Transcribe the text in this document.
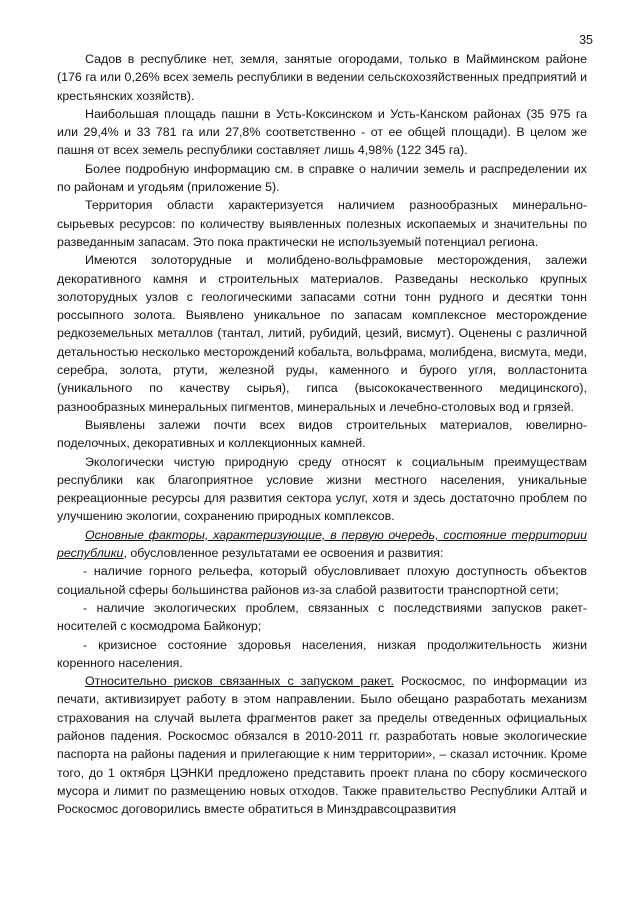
35

Садов в республике нет, земля, занятые огородами, только в Майминском районе (176 га или 0,26% всех земель республики в ведении сельскохозяйственных предприятий и крестьянских хозяйств).

Наибольшая площадь пашни в Усть-Коксинском и Усть-Канском районах (35 975 га или 29,4% и 33 781 га или 27,8% соответственно - от ее общей площади). В целом же пашня от всех земель республики составляет лишь 4,98% (122 345 га).

Более подробную информацию см. в справке о наличии земель и распределении их по районам и угодьям (приложение 5).

Территория области характеризуется наличием разнообразных минерально-сырьевых ресурсов: по количеству выявленных полезных ископаемых и значительны по разведанным запасам. Это пока практически не используемый потенциал региона.

Имеются золоторудные и молибдено-вольфрамовые месторождения, залежи декоративного камня и строительных материалов. Разведаны несколько крупных золоторудных узлов с геологическими запасами сотни тонн рудного и десятки тонн россыпного золота. Выявлено уникальное по запасам комплексное месторождение редкоземельных металлов (тантал, литий, рубидий, цезий, висмут). Оценены с различной детальностью несколько месторождений кобальта, вольфрама, молибдена, висмута, меди, серебра, золота, ртути, железной руды, каменного и бурого угля, волластонита (уникального по качеству сырья), гипса (высококачественного медицинского), разнообразных минеральных пигментов, минеральных и лечебно-столовых вод и грязей.

Выявлены залежи почти всех видов строительных материалов, ювелирно-поделочных, декоративных и коллекционных камней.

Экологически чистую природную среду относят к социальным преимуществам республики как благоприятное условие жизни местного населения, уникальные рекреационные ресурсы для развития сектора услуг, хотя и здесь достаточно проблем по улучшению экологии, сохранению природных комплексов.

Основные факторы, характеризующие, в первую очередь, состояние территории республики, обусловленное результатами ее освоения и развития:

- наличие горного рельефа, который обусловливает плохую доступность объектов социальной сферы большинства районов из-за слабой развитости транспортной сети;

- наличие экологических проблем, связанных с последствиями запусков ракет-носителей с космодрома Байконур;

- кризисное состояние здоровья населения, низкая продолжительность жизни коренного населения.

Относительно рисков связанных с запуском ракет. Роскосмос, по информации из печати, активизирует работу в этом направлении. Было обещано разработать механизм страхования на случай вылета фрагментов ракет за пределы отведенных официальных районов падения. Роскосмос обязался в 2010-2011 гг. разработать новые экологические паспорта на районы падения и прилегающие к ним территории», – сказал источник. Кроме того, до 1 октября ЦЭНКИ предложено представить проект плана по сбору космического мусора и лимит по размещению новых отходов. Также правительство Республики Алтай и Роскосмос договорились вместе обратиться в Минздравсоцразвития
